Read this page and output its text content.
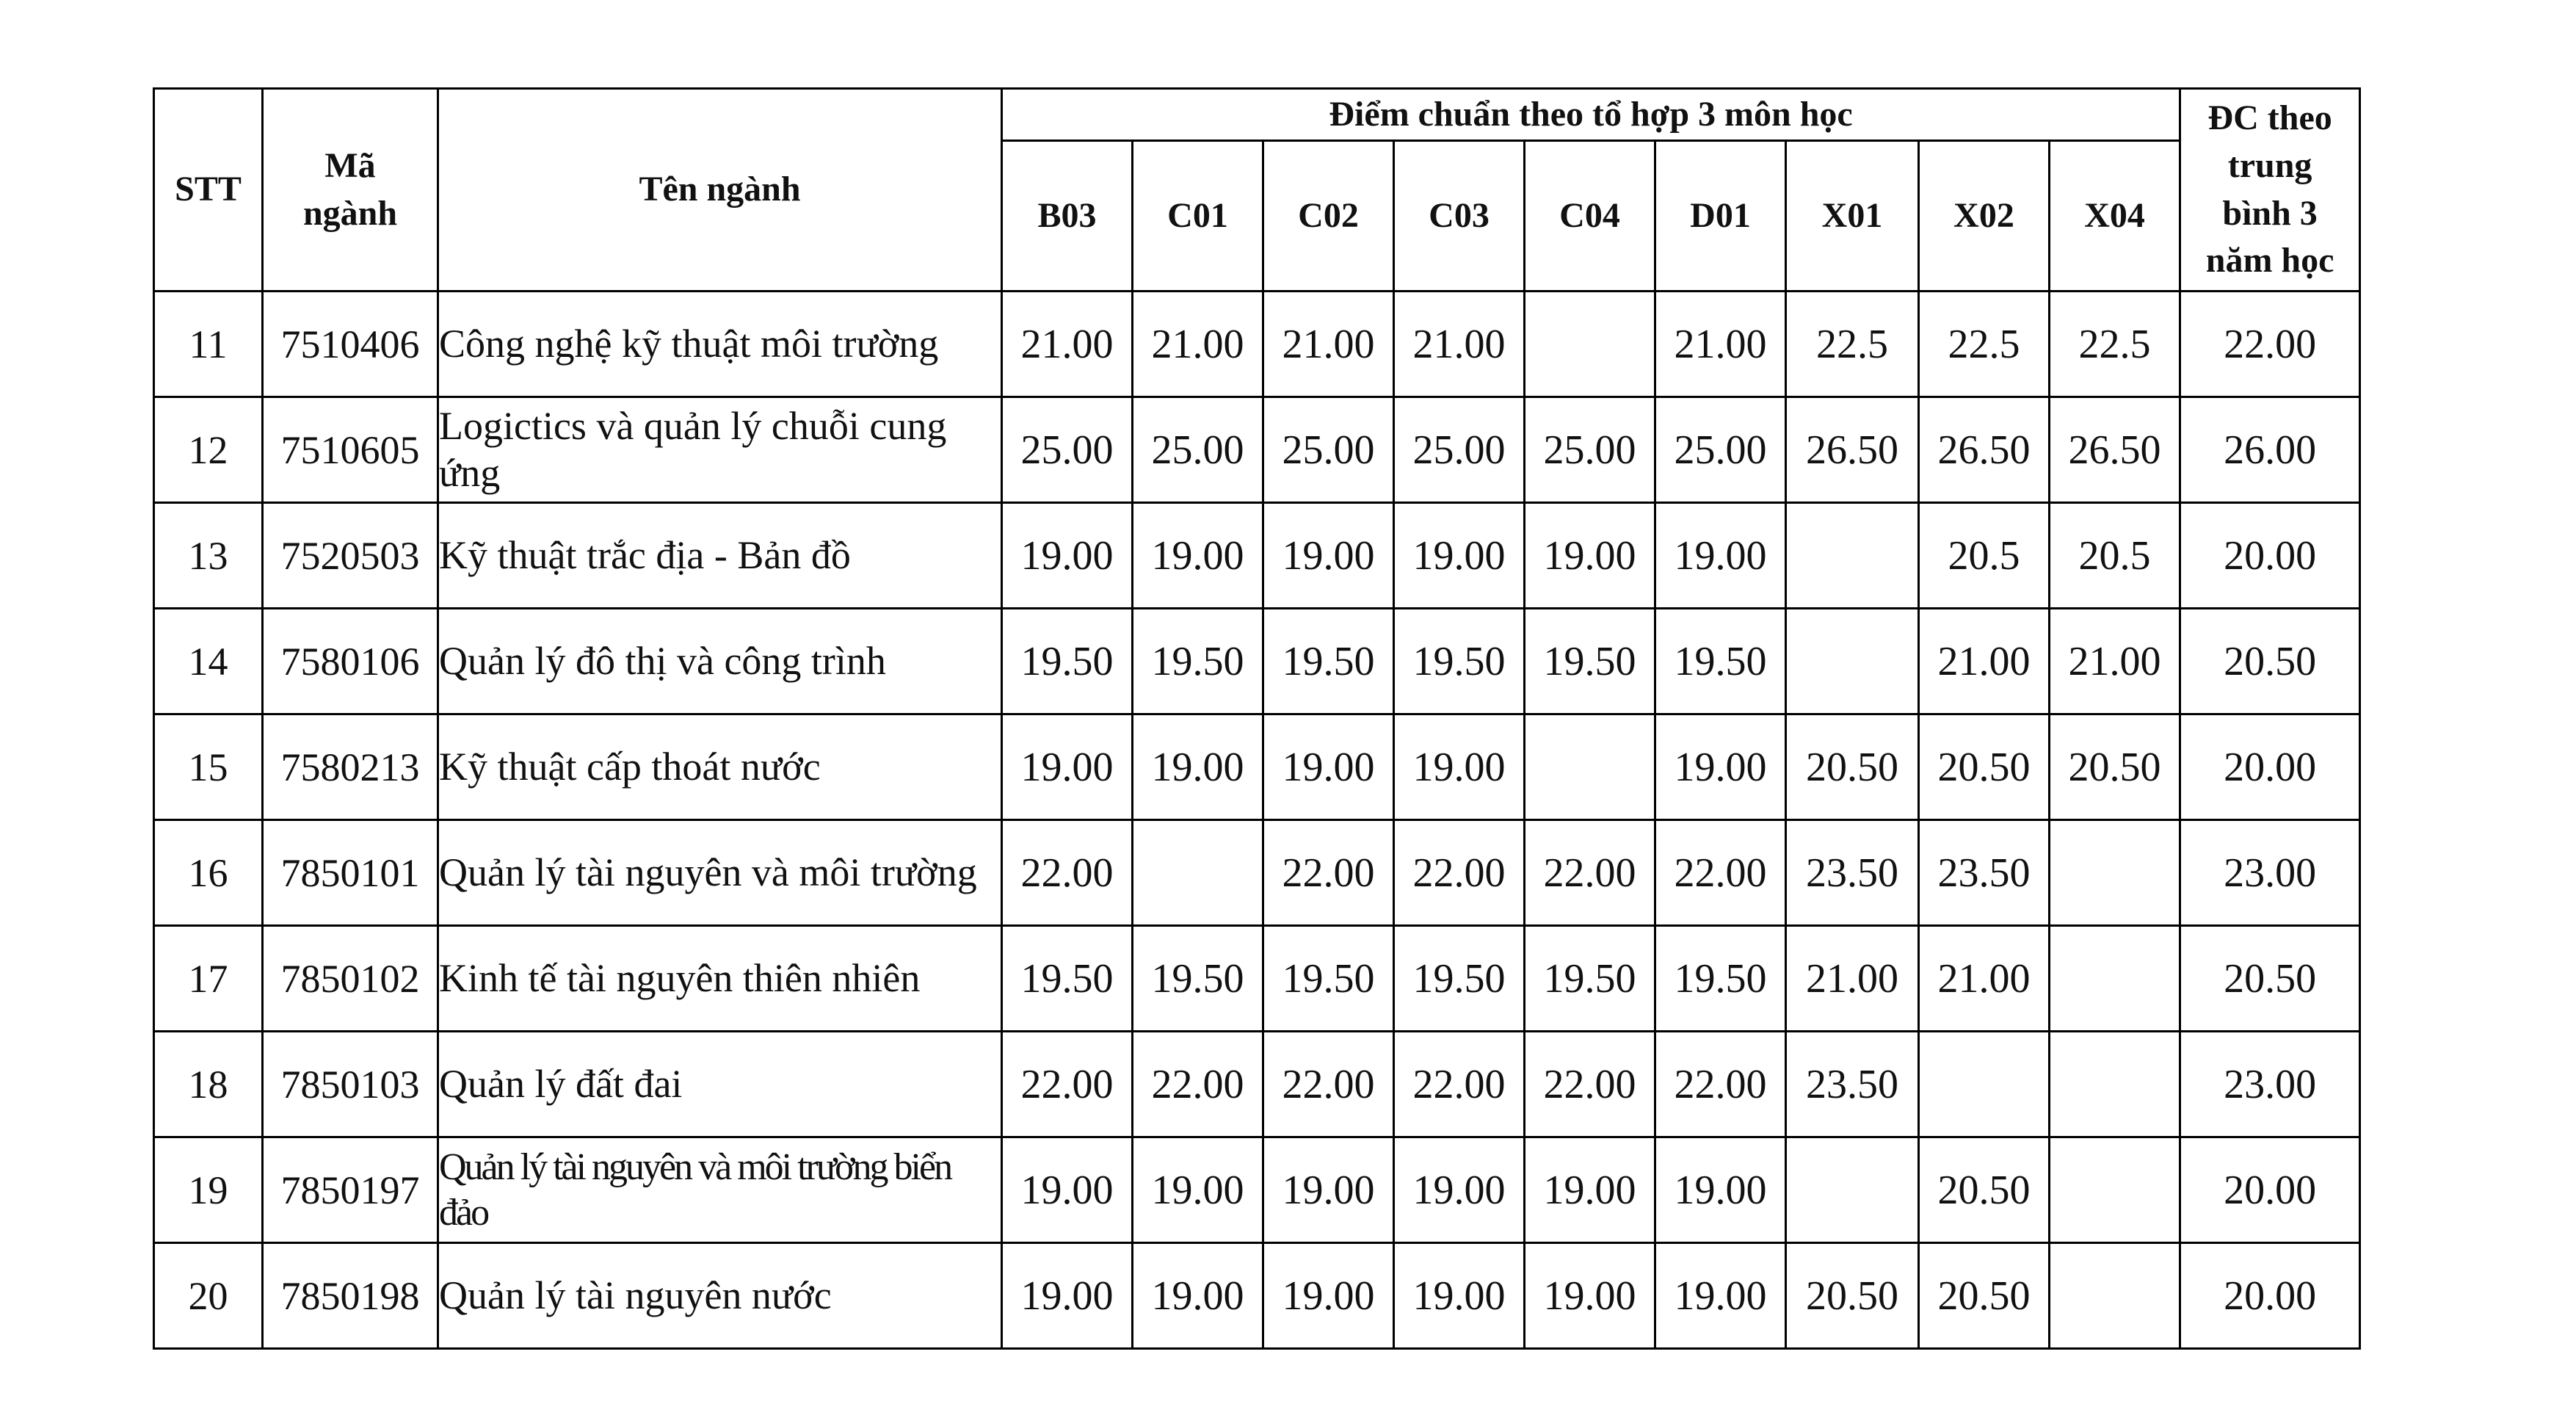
STT	Mã ngành	Tên ngành	Điểm chuẩn theo tổ hợp 3 môn học									ĐC theo trung bình 3 năm học
			B03	C01	C02	C03	C04	D01	X01	X02	X04	
11	7510406	Công nghệ kỹ thuật môi trường	21.00	21.00	21.00	21.00		21.00	22.5	22.5	22.5	22.00
12	7510605	Logictics và quản lý chuỗi cung ứng	25.00	25.00	25.00	25.00	25.00	25.00	26.50	26.50	26.50	26.00
13	7520503	Kỹ thuật trắc địa - Bản đồ	19.00	19.00	19.00	19.00	19.00	19.00		20.5	20.5	20.00
14	7580106	Quản lý đô thị và công trình	19.50	19.50	19.50	19.50	19.50	19.50		21.00	21.00	20.50
15	7580213	Kỹ thuật cấp thoát nước	19.00	19.00	19.00	19.00		19.00	20.50	20.50	20.50	20.00
16	7850101	Quản lý tài nguyên và môi trường	22.00		22.00	22.00	22.00	22.00	23.50	23.50		23.00
17	7850102	Kinh tế tài nguyên thiên nhiên	19.50	19.50	19.50	19.50	19.50	19.50	21.00	21.00		20.50
18	7850103	Quản lý đất đai	22.00	22.00	22.00	22.00	22.00	22.00	23.50			23.00
19	7850197	Quản lý tài nguyên và môi trường biển đảo	19.00	19.00	19.00	19.00	19.00	19.00		20.50		20.00
20	7850198	Quản lý tài nguyên nước	19.00	19.00	19.00	19.00	19.00	19.00	20.50	20.50		20.00
